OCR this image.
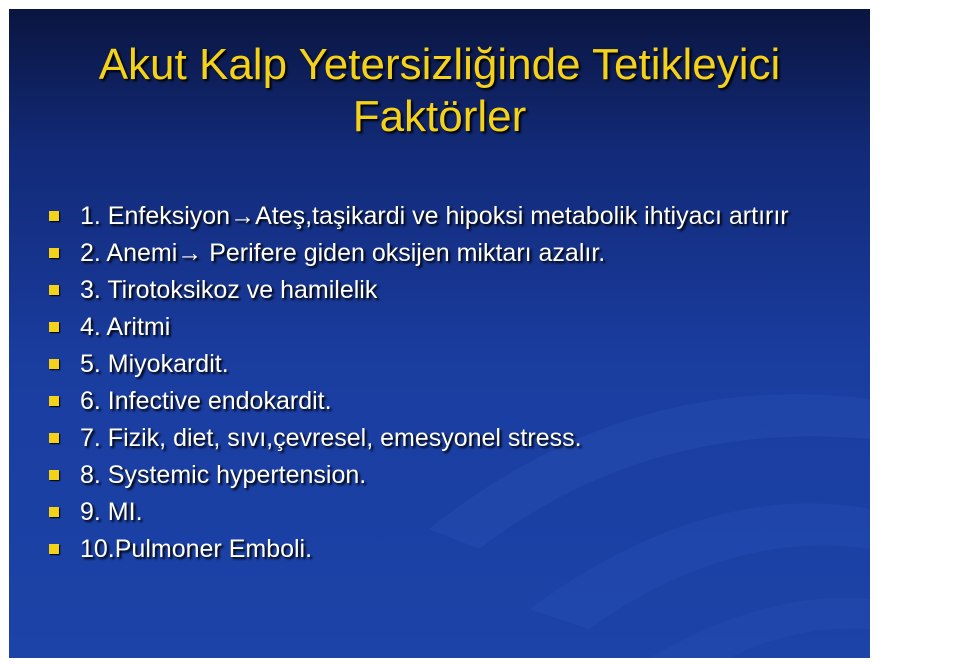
Akut Kalp Yetersizliğinde Tetikleyici
Faktörler
1. Enfeksiyon→Ateş,taşikardi ve hipoksi metabolik ihtiyacı artırır
2. Anemi→ Perifere giden oksijen miktarı azalır.
3. Tirotoksikoz ve hamilelik
4. Aritmi
5. Miyokardit.
6. Infective endokardit.
7. Fizik, diet, sıvı,çevresel, emesyonel stress.
8. Systemic hypertension.
9. MI.
10.Pulmoner Emboli.
